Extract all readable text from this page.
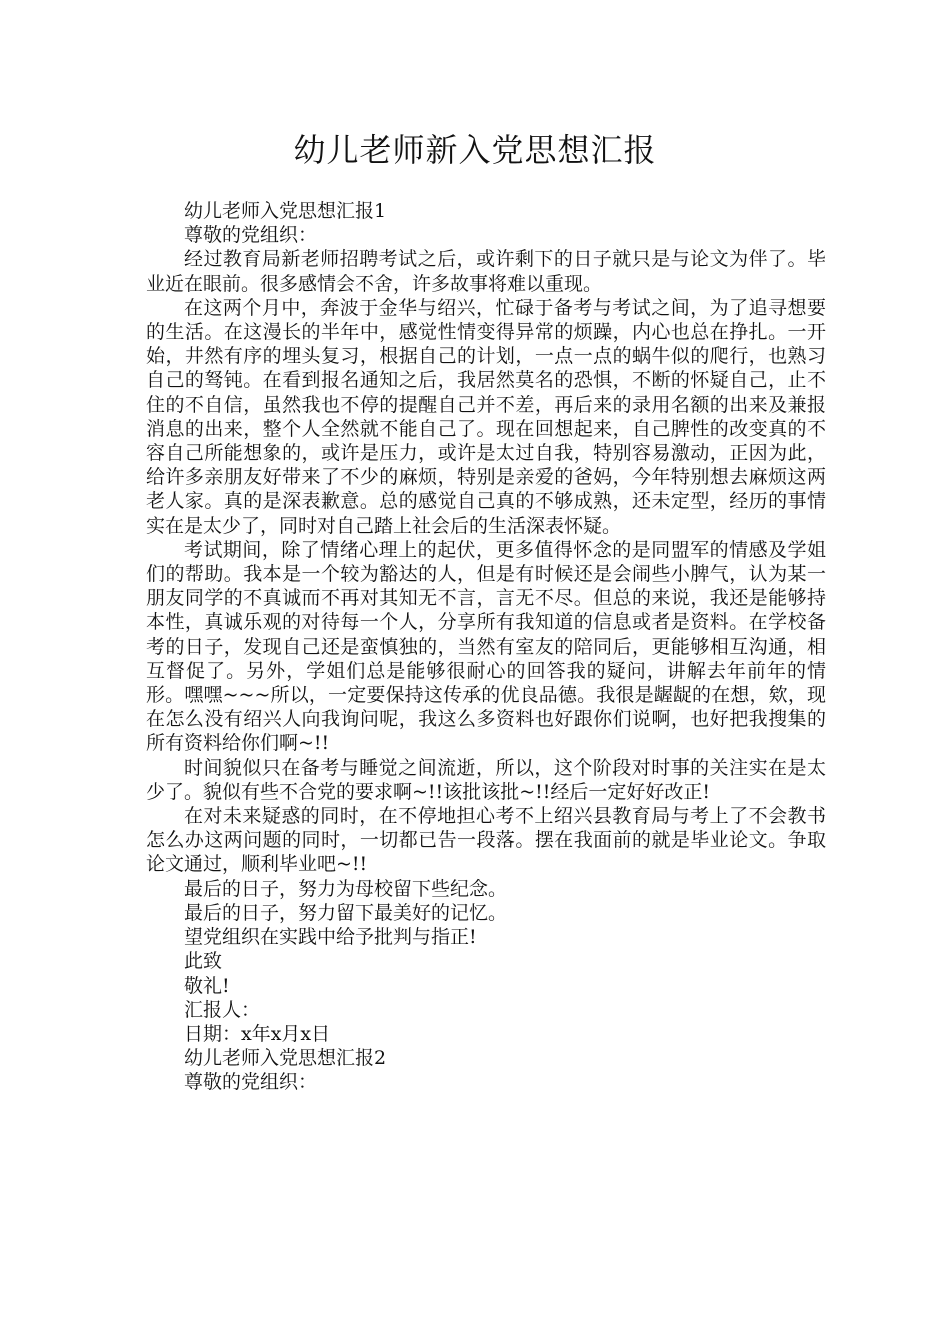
幼儿老师新入党思想汇报

幼儿老师入党思想汇报1

尊敬的党组织：

经过教育局新老师招聘考试之后，或许剩下的日子就只是与论文为伴了。毕业近在眼前。很多感情会不舍，许多故事将难以重现。

在这两个月中，奔波于金华与绍兴，忙碌于备考与考试之间，为了追寻想要的生活。在这漫长的半年中，感觉性情变得异常的烦躁，内心也总在挣扎。一开始，井然有序的埋头复习，根据自己的计划，一点一点的蜗牛似的爬行，也熟习自己的驽钝。在看到报名通知之后，我居然莫名的恐惧，不断的怀疑自己，止不住的不自信，虽然我也不停的提醒自己并不差，再后来的录用名额的出来及兼报消息的出来，整个人全然就不能自己了。现在回想起来，自己脾性的改变真的不容自己所能想象的，或许是压力，或许是太过自我，特别容易激动，正因为此，给许多亲朋友好带来了不少的麻烦，特别是亲爱的爸妈，今年特别想去麻烦这两老人家。真的是深表歉意。总的感觉自己真的不够成熟，还未定型，经历的事情实在是太少了，同时对自己踏上社会后的生活深表怀疑。

考试期间，除了情绪心理上的起伏，更多值得怀念的是同盟军的情感及学姐们的帮助。我本是一个较为豁达的人，但是有时候还是会闹些小脾气，认为某一朋友同学的不真诚而不再对其知无不言，言无不尽。但总的来说，我还是能够持本性，真诚乐观的对待每一个人，分享所有我知道的信息或者是资料。在学校备考的日子，发现自己还是蛮慎独的，当然有室友的陪同后，更能够相互沟通，相互督促了。另外，学姐们总是能够很耐心的回答我的疑问，讲解去年前年的情形。嘿嘿~~~所以，一定要保持这传承的优良品德。我很是龌龊的在想，欸，现在怎么没有绍兴人向我询问呢，我这么多资料也好跟你们说啊，也好把我搜集的所有资料给你们啊~!!

时间貌似只在备考与睡觉之间流逝，所以，这个阶段对时事的关注实在是太少了。貌似有些不合党的要求啊~!!该批该批~!!经后一定好好改正!

在对未来疑惑的同时，在不停地担心考不上绍兴县教育局与考上了不会教书怎么办这两问题的同时，一切都已告一段落。摆在我面前的就是毕业论文。争取论文通过，顺利毕业吧~!!

最后的日子，努力为母校留下些纪念。

最后的日子，努力留下最美好的记忆。

望党组织在实践中给予批判与指正!

此致

敬礼!

汇报人：

日期：x年x月x日

幼儿老师入党思想汇报2

尊敬的党组织：
